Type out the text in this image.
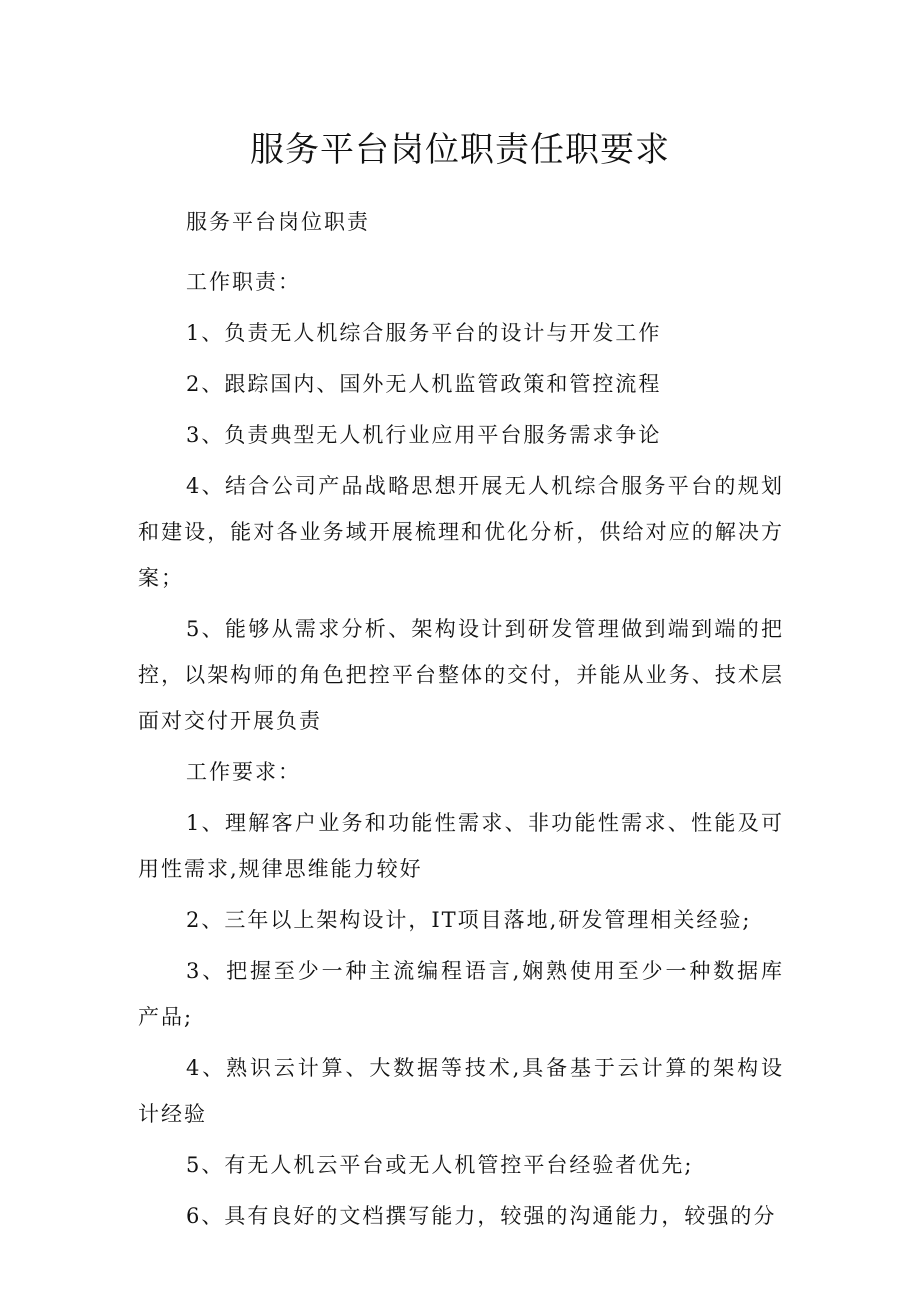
服务平台岗位职责任职要求

服务平台岗位职责

工作职责：

1、负责无人机综合服务平台的设计与开发工作

2、跟踪国内、国外无人机监管政策和管控流程

3、负责典型无人机行业应用平台服务需求争论

4、结合公司产品战略思想开展无人机综合服务平台的规划和建设，能对各业务域开展梳理和优化分析，供给对应的解决方案；

5、能够从需求分析、架构设计到研发管理做到端到端的把控，以架构师的角色把控平台整体的交付，并能从业务、技术层面对交付开展负责

工作要求：

1、理解客户业务和功能性需求、非功能性需求、性能及可用性需求,规律思维能力较好

2、三年以上架构设计，IT项目落地,研发管理相关经验;

3、把握至少一种主流编程语言,娴熟使用至少一种数据库产品;

4、熟识云计算、大数据等技术,具备基于云计算的架构设计经验

5、有无人机云平台或无人机管控平台经验者优先;

6、具有良好的文档撰写能力，较强的沟通能力，较强的分
